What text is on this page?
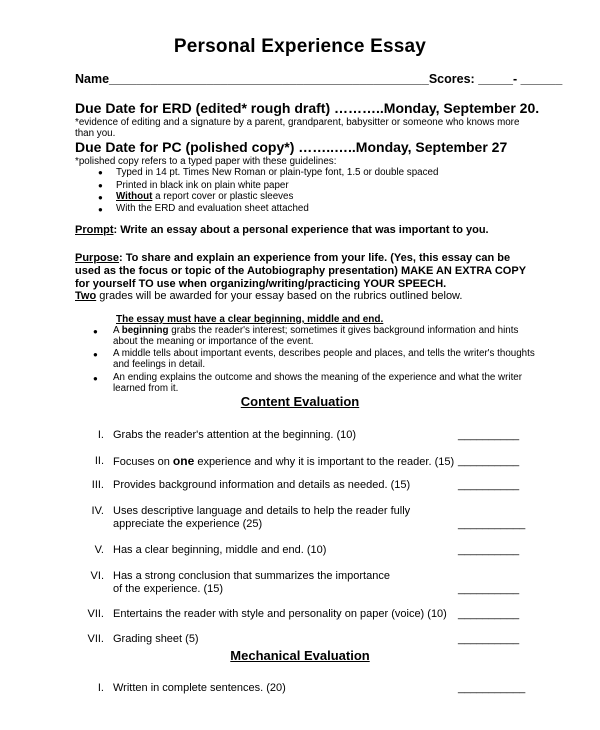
Personal Experience Essay
Name______________________________________________Scores: _____- ______
Due Date for ERD (edited* rough draft) ………..Monday, September 20.
*evidence of editing and a signature by a parent, grandparent, babysitter or someone who knows more
than you.
Due Date for PC (polished copy*) ……..…..Monday, September 27
*polished copy refers to a typed paper with these guidelines:
● Typed in 14 pt. Times New Roman or plain-type font, 1.5 or double spaced
● Printed in black ink on plain white paper
● Without a report cover or plastic sleeves
● With the ERD and evaluation sheet attached
Prompt: Write an essay about a personal experience that was important to you.
Purpose: To share and explain an experience from your life. (Yes, this essay can be
used as the focus or topic of the Autobiography presentation) MAKE AN EXTRA COPY
for yourself TO use when organizing/writing/practicing YOUR SPEECH.
Two grades will be awarded for your essay based on the rubrics outlined below.
The essay must have a clear beginning, middle and end.
● A beginning grabs the reader's interest; sometimes it gives background information and hints
about the meaning or importance of the event.
● A middle tells about important events, describes people and places, and tells the writer's thoughts
and feelings in detail.
● An ending explains the outcome and shows the meaning of the experience and what the writer
learned from it.
Content Evaluation
I. Grabs the reader's attention at the beginning. (10)	__________
II. Focuses on one experience and why it is important to the reader. (15) __________
III. Provides background information and details as needed. (15)	__________
IV. Uses descriptive language and details to help the reader fully
appreciate the experience (25)	___________
V. Has a clear beginning, middle and end. (10)	__________
VI. Has a strong conclusion that summarizes the importance
of the experience. (15)	__________
VII. Entertains the reader with style and personality on paper (voice) (10) __________
VII. Grading sheet (5)	__________
Mechanical Evaluation
I. Written in complete sentences. (20)	___________
